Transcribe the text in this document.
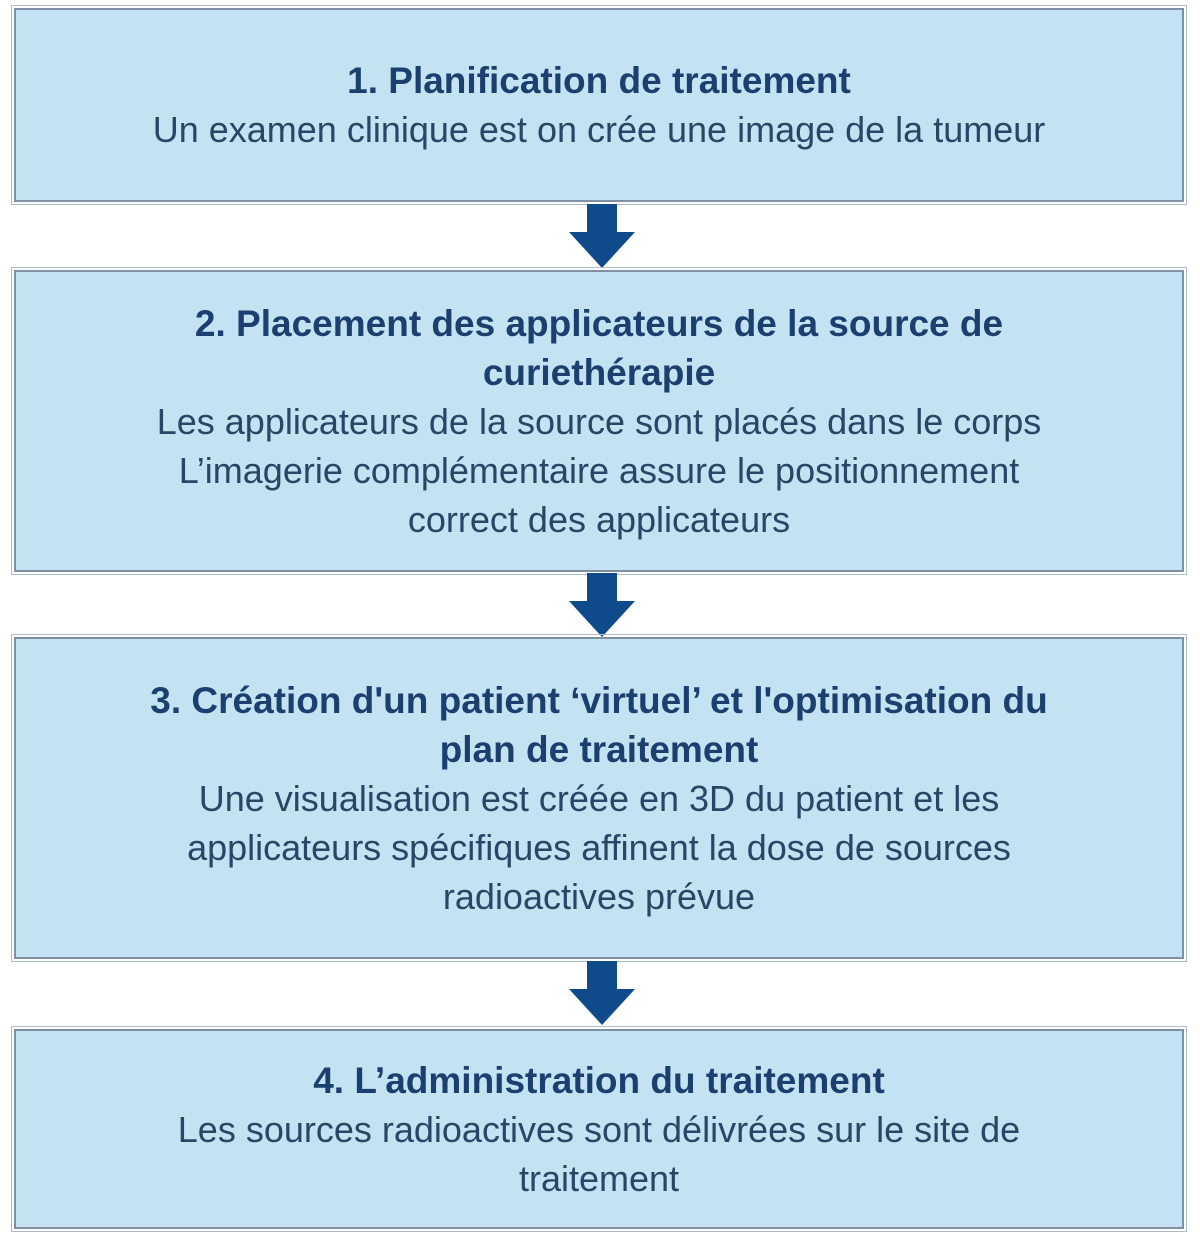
1. Planification de traitement

Un examen clinique est on crée une image de la tumeur

2. Placement des applicateurs de la source de

curiethérapie

Les applicateurs de la source sont placés dans le corps

L’imagerie complémentaire assure le positionnement

correct des applicateurs

3. Création d'un patient ‘virtuel’ et l'optimisation du

plan de traitement

Une visualisation est créée en 3D du patient et les

applicateurs spécifiques affinent la dose de sources

radioactives prévue

4. L’administration du traitement

Les sources radioactives sont délivrées sur le site de

traitement
